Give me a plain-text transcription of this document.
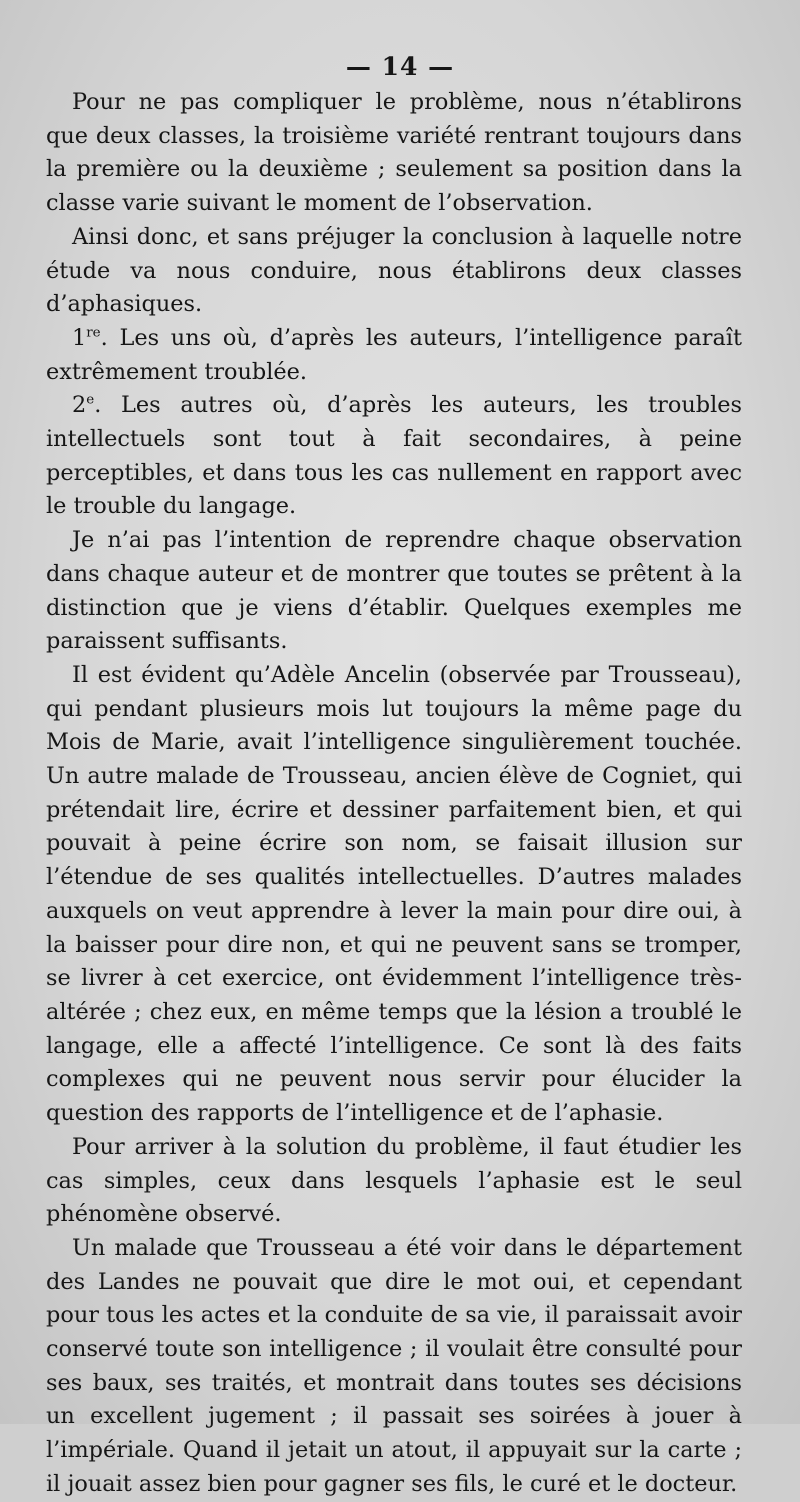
— 14 —

Pour ne pas compliquer le problème, nous n’établirons que deux classes, la troisième variété rentrant toujours dans la première ou la deuxième ; seulement sa position dans la classe varie suivant le moment de l’observation.

Ainsi donc, et sans préjuger la conclusion à laquelle notre étude va nous conduire, nous établirons deux classes d’aphasiques.

1re. Les uns où, d’après les auteurs, l’intelligence paraît extrêmement troublée.

2e. Les autres où, d’après les auteurs, les troubles intellectuels sont tout à fait secondaires, à peine perceptibles, et dans tous les cas nullement en rapport avec le trouble du langage.

Je n’ai pas l’intention de reprendre chaque observation dans chaque auteur et de montrer que toutes se prêtent à la distinction que je viens d’établir. Quelques exemples me paraissent suffisants.

Il est évident qu’Adèle Ancelin (observée par Trousseau), qui pendant plusieurs mois lut toujours la même page du Mois de Marie, avait l’intelligence singulièrement touchée. Un autre malade de Trousseau, ancien élève de Cogniet, qui prétendait lire, écrire et dessiner parfaitement bien, et qui pouvait à peine écrire son nom, se faisait illusion sur l’étendue de ses qualités intellectuelles. D’autres malades auxquels on veut apprendre à lever la main pour dire oui, à la baisser pour dire non, et qui ne peuvent sans se tromper, se livrer à cet exercice, ont évidemment l’intelligence très-altérée ; chez eux, en même temps que la lésion a troublé le langage, elle a affecté l’intelligence. Ce sont là des faits complexes qui ne peuvent nous servir pour élucider la question des rapports de l’intelligence et de l’aphasie.

Pour arriver à la solution du problème, il faut étudier les cas simples, ceux dans lesquels l’aphasie est le seul phénomène observé.

Un malade que Trousseau a été voir dans le département des Landes ne pouvait que dire le mot oui, et cependant pour tous les actes et la conduite de sa vie, il paraissait avoir conservé toute son intelligence ; il voulait être consulté pour ses baux, ses traités, et montrait dans toutes ses décisions un excellent jugement ; il passait ses soirées à jouer à l’impériale. Quand il jetait un atout, il appuyait sur la carte ; il jouait assez bien pour gagner ses fils, le curé et le docteur.
